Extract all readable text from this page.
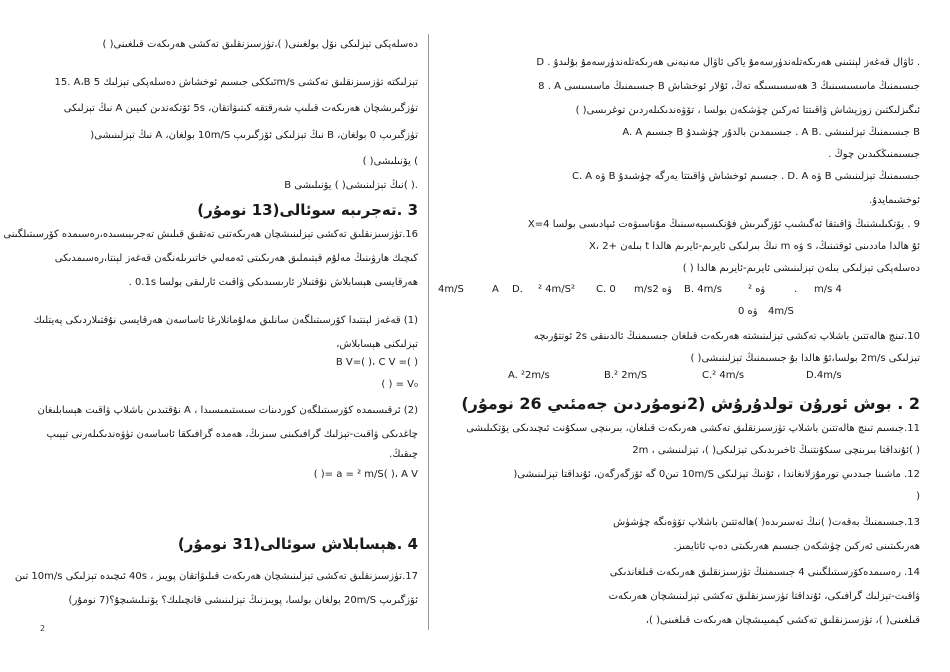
دەسلەپكى تېزلىكى نۆل بولغىنى( )،تۈزسىزنقلىق تەكشى ھەرىكەت قىلغىنى( )
15. A،B ئىككى جىسىم ئوخشاش دەسلەپكى تېزلىك 5m/s تېزلىكتە تۈزسىزنقلىق تەكشى
تۈزگىرىشچان ھەرىكەت قىلىپ شەرقتقە كىتىۋاتقان، 5s ئۆتكەندىن كىيىن A نىڭ تېزلىكى
تۈزگىرىپ 0 بولغان، B نىڭ تېزلىكى ئۆزگىرىپ 10m/S بولغان، A نىڭ تېزلىنىشى(
) يۆنىلىشى( )
B نىڭ تېزلىنىشى( ) يۆنىلىشى( ).
3 .تەجرىبە سوئالى(13 نومۇر)
16.تۈزسىزنقلىق تەكشى تېزلىنىشچان ھەرىكەتنى تەتقىق قىلىش تەجرىبىسىدە،رەسىمدە كۆرسىتىلگىنى
كىچىك ھارۋىنىڭ مەلۇم قېتىملىق ھەرىكىتى ئەمەلىي خاتىرىلەنگەن قەغەز لېنتا،رەسىمدىكى
ھەرقايسى ھېسابلاش نۇقتىلار ئارىسىدىكى ۋاقىت ئارلىقى بولسا 0.1s .
(1) قەغەز لېنتىدا كۆرسىتىلگەن سانلىق مەلۇماتلارغا ئاساسەن ھەرقايسى نۇقتىلاردىكى پەيتلىك
تېزلىكنى ھېسابلاش،
B V=( )، C V =( )
( ) = V₀
(2) ئرقىسىمدە كۆرسىتىلگەن كوردىنات سىستىمىسىدا ، A نۇقتىدىن باشلاپ ۋاقىت ھېسابلىغان
چاغدىكى ۋاقىت-تېزلىك گرافىكىنى سىزىڭ، ھەمدە گرافىكقا ئاساسەن تۈۋەندىكىلەرنى تېپىپ
چىقىڭ.
( )= a = ² m/S( )، A V
4 .ھېسابلاش سوئالى(31 نومۇر)
17.تۈزسىزنقلىق تەكشى تېزلىنىشچان ھەرىكەت قىلىۋاتقان پويىز ، 40s ئىچىدە تېزلىكى 10m/s تىن
ئۆزگىرىپ 20m/S بولغان بولسا، پويىزنىڭ تېزلىنىشى قانچىلىك؟ يۆنىلىشىچۇ؟(7 نومۇر)
D . ئاۋال قەغەز لېنتىنى ھەرىكەتلەندۈرسەمۇ ياكى ئاۋال مەنبەنى ھەرىكەتلەندۈرسەمۇ بۇلىدۇ .
8 . A جىسىمنىڭ ماسسىسى B جىسىمنىڭ ماسسىسىنىڭ 3 ھەسسىسىگە تەڭ، ئۇلار ئوخشاش
ئىگىزلىكتىن زوزيشاش ۋاقىتتا ئەركىن چۈشكەن بولسا ، تۆۋەندىكىلەردىن توغرىسى( )
A. A جىسىم B جىسىمدىن بالدۇر چۈشىدۇ . A B. جىسىمنىڭ تېزلىنىشى B
جىسىمنىڭكىدىن چوڭ .
C. A ۋە B جىسىم ئوخشاش ۋاقىتتا يەرگە چۈشىدۇ . D. A ۋە B جىسىمنىڭ تېزلىنىشى
ئوخشىمايدۇ.
9 . يۆتكىلىشنىڭ ۋاقىتقا ئەگىشىپ ئۆزگىرىش فۇنكىسىيەسىنىڭ مۇناسىۋەت ئىپادىسى بولسا X=4
X، 2+ بىلەن t نىڭ بىرلىكى ئايرىم-ئايرىم ھالدا m ۋە s ،ئۇ ھالدا ماددىنى ئوقتىنىڭ
دەسلەپكى تېزلىكى بىلەن تېزلىنىشى ئايرىم-ئايرىم ھالدا ( )
4m/S	A D. ² 4m/S² C. 0 m/s2 ۋە B. 4m/s	² ۋە	. m/s 4
4m/S
0 ۋە
10.تىنچ ھالەتتىن باشلاپ تەكشى تېزلىنىشتە ھەرىكەت قىلغان جىسىمنىڭ ئالدىنقى 2s ئوتتۇرىچە
تېزلىكى 2m/s بولسا،ئۇ ھالدا بۇ جىسىمنىڭ تېزلىنىشى( )
A. ²2m/s	B.² 2m/S	C.² 4m/s	D.4m/s
2 . بوش ئورۇن تولدۇرۇش (2نومۇردىن جەمئىي 26 نومۇر)
11.جىسىم تىنچ ھالەتتىن باشلاپ تۈزسىزنقلىق تەكشى ھەرىكەت قىلغان، بىرىنچى سىكۇنت ئىچىدىكى يۆتكىلىشى
2m ، ئۇنداقتا بىرىنچى سىكۇنتنىڭ ئاخىرىدىكى تېزلىكى( )، تېزلىنىشى( )
12. ماشىنا جىددىي تورمۇزلانغاندا ، ئۇنىڭ تېزلىكى 10m/S تىن0 گە ئۆزگەرگەن، ئۇنداقتا تېزلىنىشى(
)
13.جىسىمنىڭ بەقەت( )نىڭ تەسىرىدە( )ھالەتتىن باشلاپ تۆۋەنگە چۈشۈش
ھەرىكىتىنى ئەركىن چۈشكەن جىسىم ھەرىكىتى دەپ ئاتايمىز.
14. رەسىمدەكۆرسىتىلگىنى 4 جىسىمنىڭ تۈزسىزنقلىق ھەرىكەت قىلغاندىكى
ۋاقىت-تېزلىك گرافىكى، ئۇنداقتا تۈزسىزنقلىق تەكشى تېزلىنىشچان ھەرىكەت
قىلغىنى( )، تۈزسىزنقلىق تەكشى كېمىيىشچان ھەرىكەت قىلغىنى( )،
2
